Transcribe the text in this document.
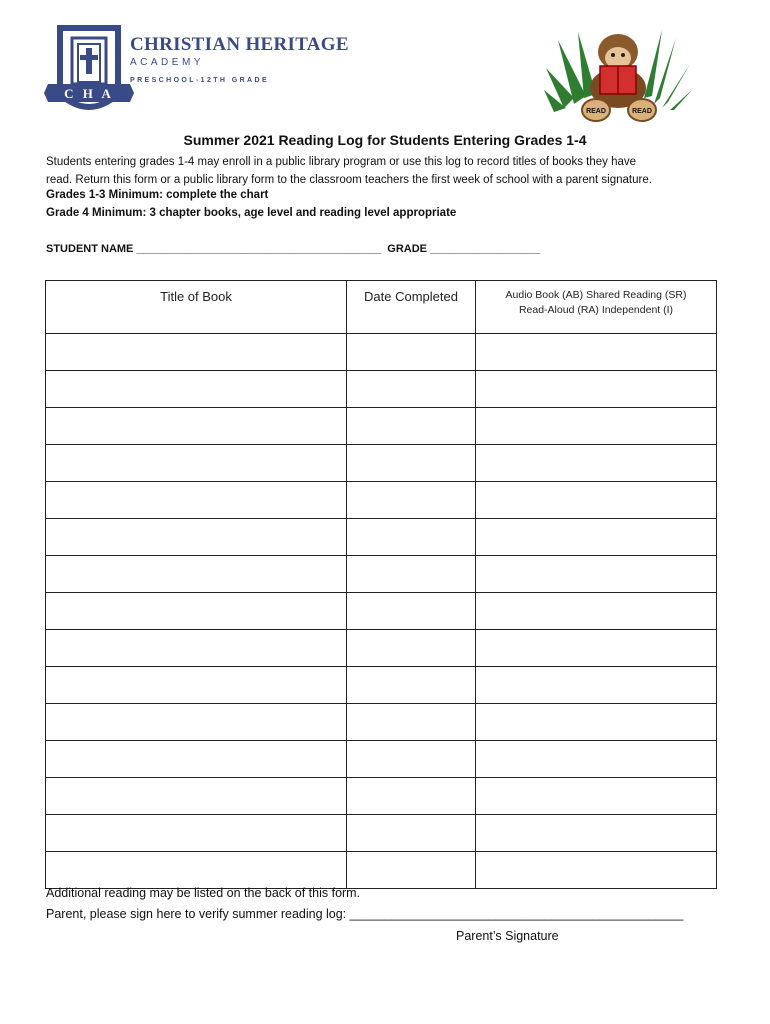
C H A
CHRISTIAN HERITAGE
ACADEMY
PRESCHOOL-12TH GRADE
READ	READ
Summer 2021 Reading Log for Students Entering Grades 1-4

Students entering grades 1-4 may enroll in a public library program or use this log to record titles of books they have

read. Return this form or a public library form to the classroom teachers the first week of school with a parent signature.

Grades 1-3 Minimum: complete the chart
Grade 4 Minimum: 3 chapter books, age level and reading level appropriate
STUDENT NAME ________________________________________  GRADE __________________
Title of Book	Date Completed	Audio Book (AB) Shared Reading (SR)
Read-Aloud (RA) Independent (I)

Additional reading may be listed on the back of this form.
Parent, please sign here to verify summer reading log: ________________________________________________
Parent’s Signature
